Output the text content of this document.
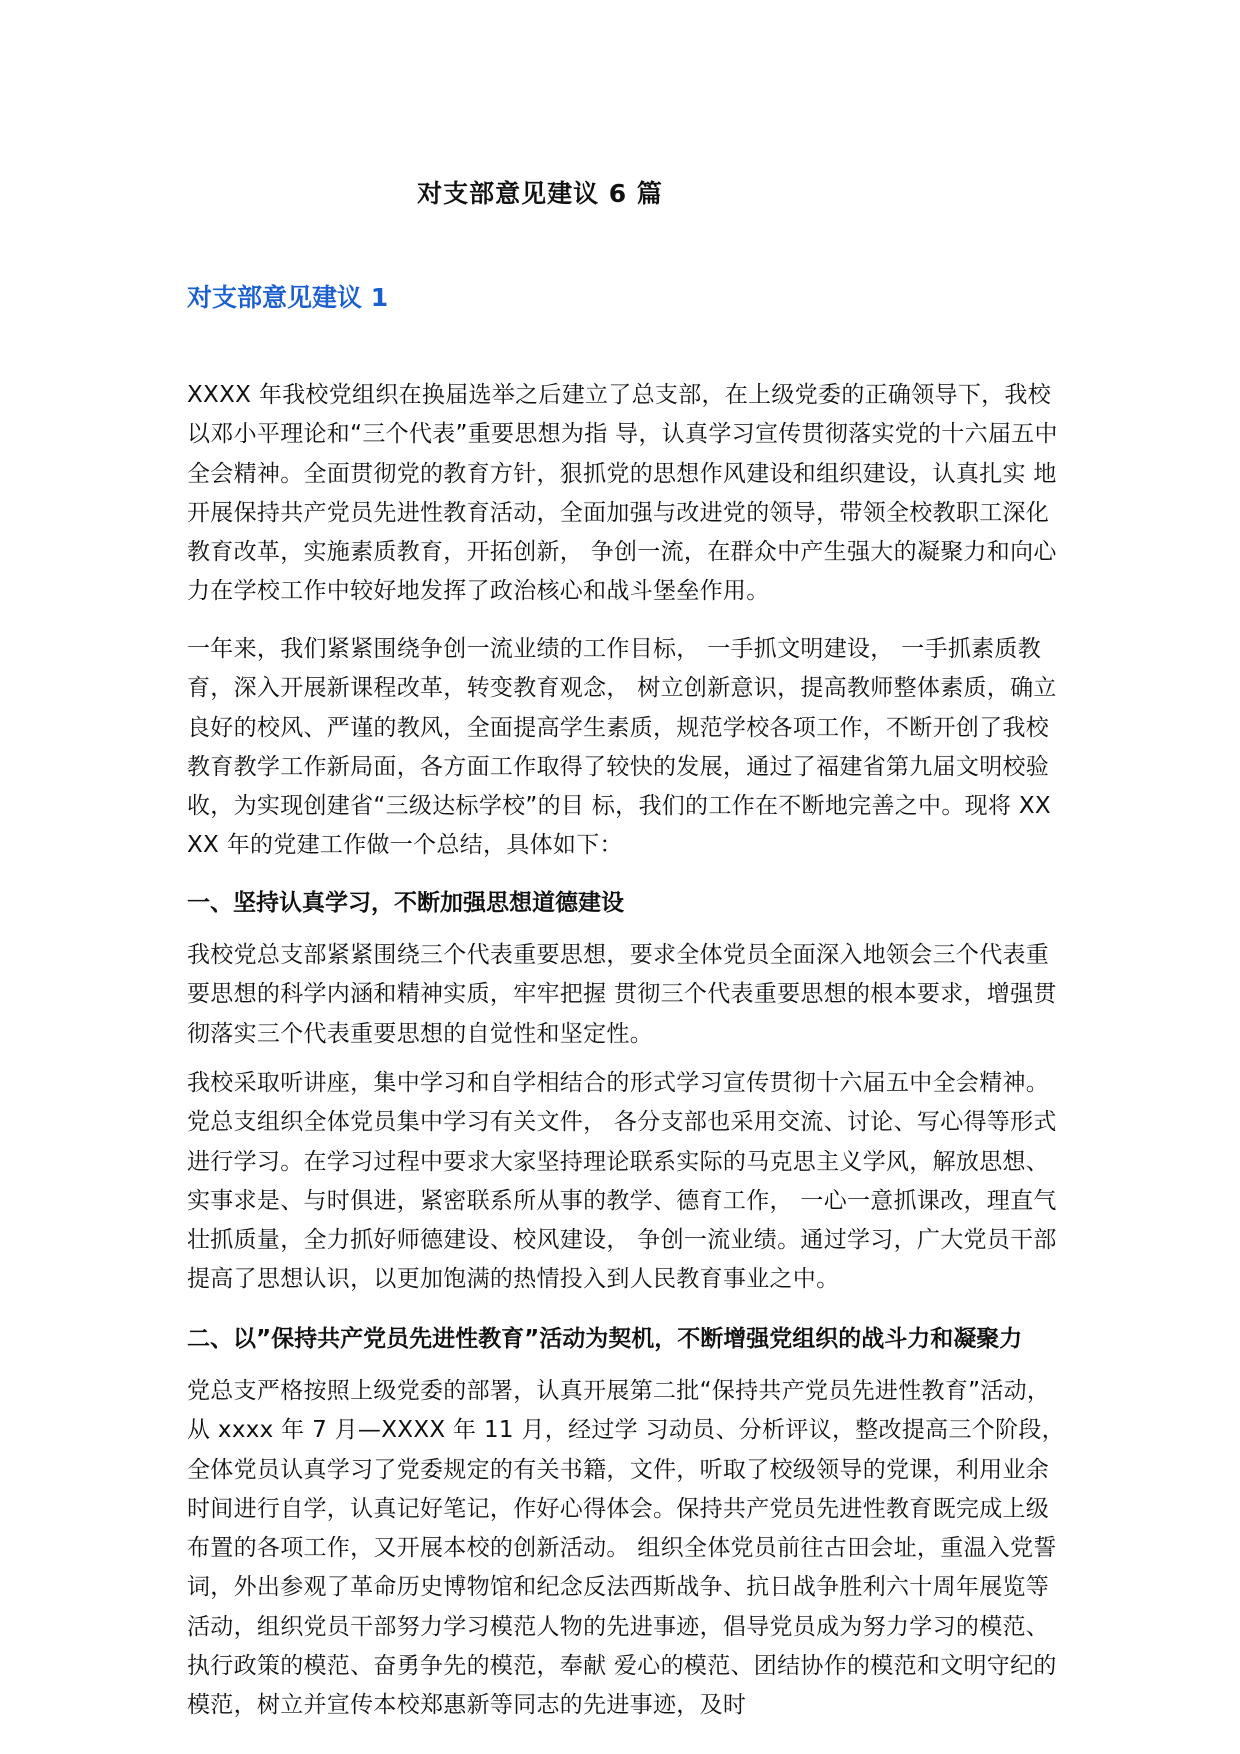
对支部意见建议 6 篇
对支部意见建议 1

XXXX 年我校党组织在换届选举之后建立了总支部，在上级党委的正确领导下，我校以邓小平理论和“三个代表”重要思想为指 导，认真学习宣传贯彻落实党的十六届五中全会精神。全面贯彻党的教育方针，狠抓党的思想作风建设和组织建设，认真扎实 地开展保持共产党员先进性教育活动，全面加强与改进党的领导，带领全校教职工深化教育改革，实施素质教育，开拓创新， 争创一流，在群众中产生强大的凝聚力和向心力在学校工作中较好地发挥了政治核心和战斗堡垒作用。

一年来，我们紧紧围绕争创一流业绩的工作目标， 一手抓文明建设， 一手抓素质教育，深入开展新课程改革，转变教育观念， 树立创新意识，提高教师整体素质，确立良好的校风、严谨的教风，全面提高学生素质，规范学校各项工作，不断开创了我校 教育教学工作新局面，各方面工作取得了较快的发展，通过了福建省第九届文明校验收，为实现创建省“三级达标学校”的目 标，我们的工作在不断地完善之中。现将 XXXX 年的党建工作做一个总结，具体如下：

一、坚持认真学习，不断加强思想道德建设

我校党总支部紧紧围绕三个代表重要思想，要求全体党员全面深入地领会三个代表重要思想的科学内涵和精神实质，牢牢把握 贯彻三个代表重要思想的根本要求，增强贯彻落实三个代表重要思想的自觉性和坚定性。

我校采取听讲座，集中学习和自学相结合的形式学习宣传贯彻十六届五中全会精神。党总支组织全体党员集中学习有关文件， 各分支部也采用交流、讨论、写心得等形式进行学习。在学习过程中要求大家坚持理论联系实际的马克思主义学风，解放思想、 实事求是、与时俱进，紧密联系所从事的教学、德育工作， 一心一意抓课改，理直气壮抓质量，全力抓好师德建设、校风建设， 争创一流业绩。通过学习，广大党员干部提高了思想认识，以更加饱满的热情投入到人民教育事业之中。

二、以”保持共产党员先进性教育”活动为契机，不断增强党组织的战斗力和凝聚力

党总支严格按照上级党委的部署，认真开展第二批“保持共产党员先进性教育”活动，从 xxxx 年 7 月—XXXX 年 11 月，经过学 习动员、分析评议，整改提高三个阶段，全体党员认真学习了党委规定的有关书籍，文件，听取了校级领导的党课，利用业余 时间进行自学，认真记好笔记，作好心得体会。保持共产党员先进性教育既完成上级布置的各项工作，又开展本校的创新活动。 组织全体党员前往古田会址，重温入党誓词，外出参观了革命历史博物馆和纪念反法西斯战争、抗日战争胜利六十周年展览等 活动，组织党员干部努力学习模范人物的先进事迹，倡导党员成为努力学习的模范、执行政策的模范、奋勇争先的模范，奉献 爱心的模范、团结协作的模范和文明守纪的模范，树立并宣传本校郑惠新等同志的先进事迹，及时
